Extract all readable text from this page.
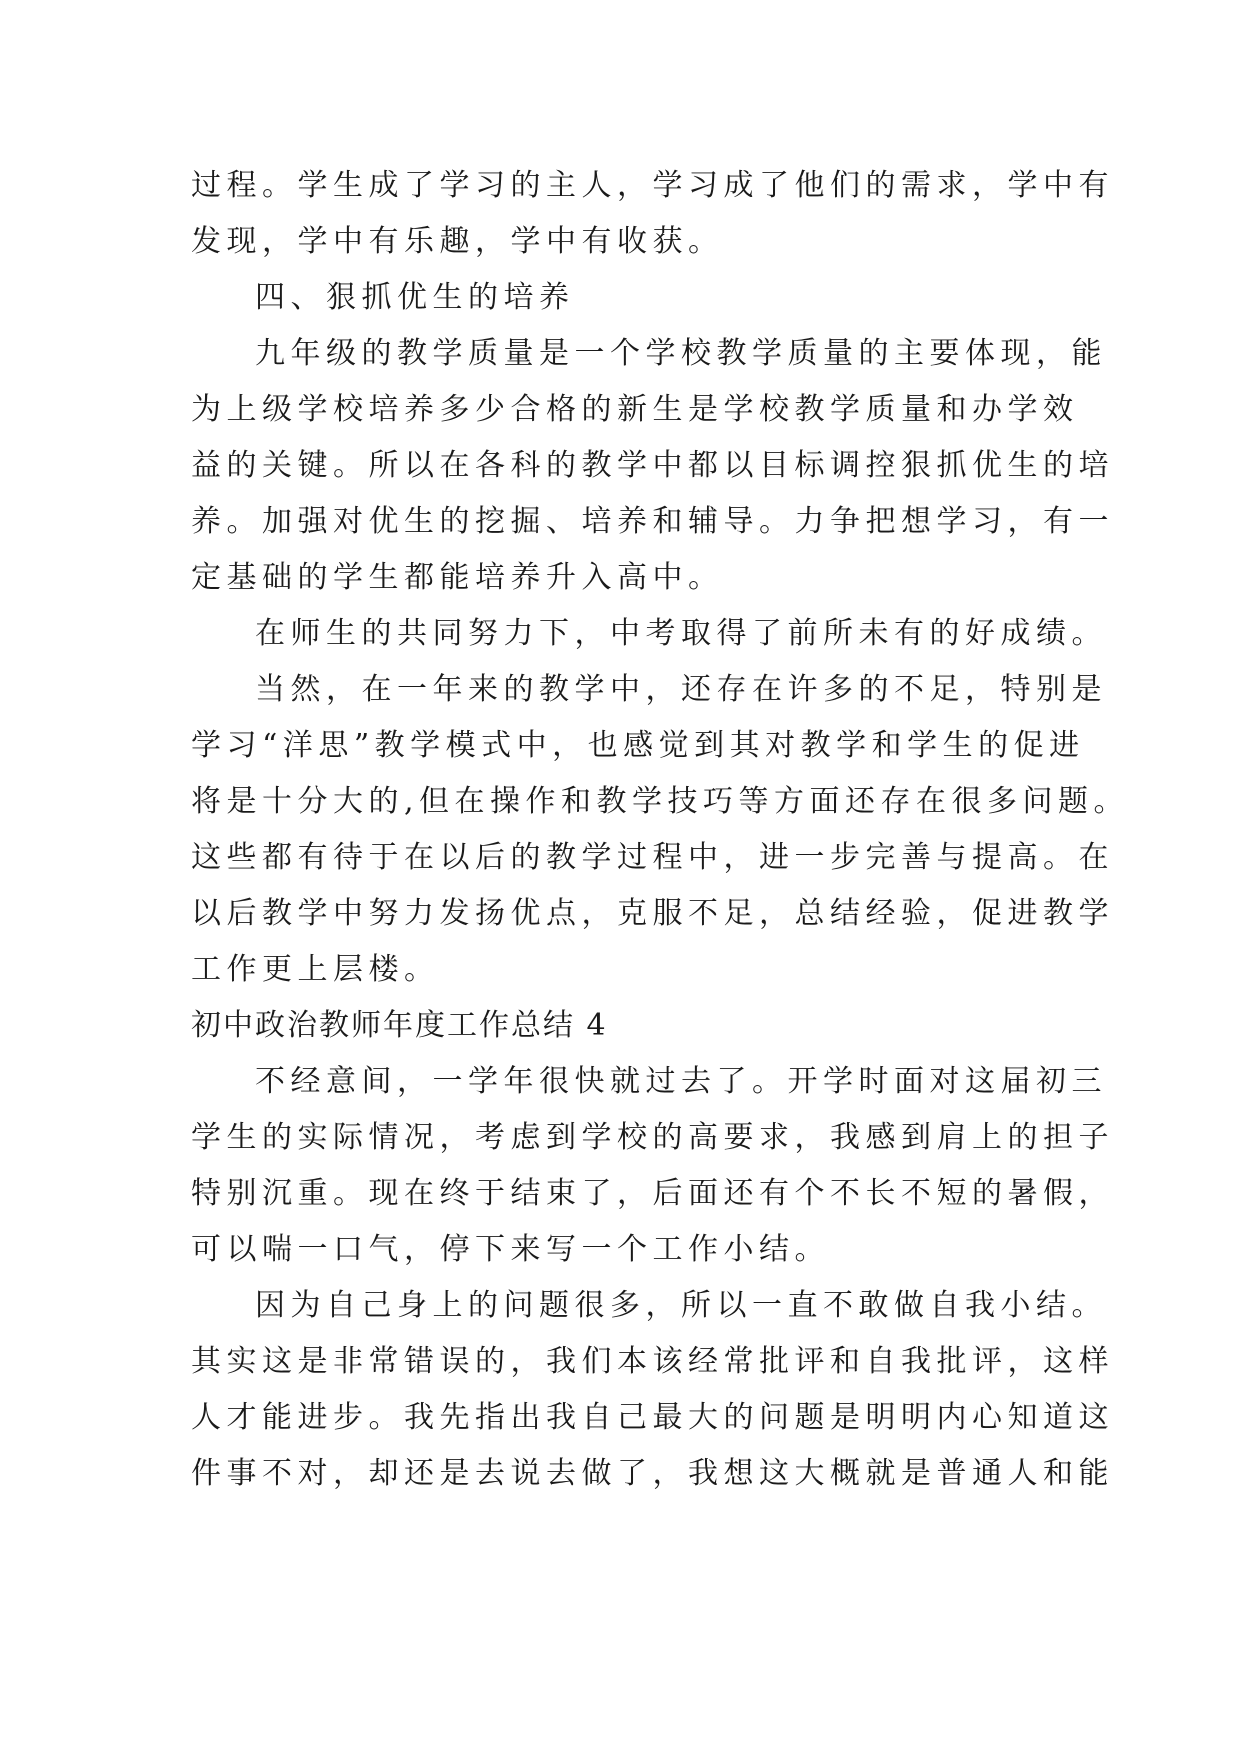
过程。学生成了学习的主人，学习成了他们的需求，学中有
发现，学中有乐趣，学中有收获。
四、狠抓优生的培养
九年级的教学质量是一个学校教学质量的主要体现，能
为上级学校培养多少合格的新生是学校教学质量和办学效
益的关键。所以在各科的教学中都以目标调控狠抓优生的培
养。加强对优生的挖掘、培养和辅导。力争把想学习，有一
定基础的学生都能培养升入高中。
在师生的共同努力下，中考取得了前所未有的好成绩。
当然，在一年来的教学中，还存在许多的不足，特别是
学习“洋思”教学模式中，也感觉到其对教学和学生的促进
将是十分大的,但在操作和教学技巧等方面还存在很多问题。
这些都有待于在以后的教学过程中，进一步完善与提高。在
以后教学中努力发扬优点，克服不足，总结经验，促进教学
工作更上层楼。
初中政治教师年度工作总结 4
不经意间，一学年很快就过去了。开学时面对这届初三
学生的实际情况，考虑到学校的高要求，我感到肩上的担子
特别沉重。现在终于结束了，后面还有个不长不短的暑假，
可以喘一口气，停下来写一个工作小结。
因为自己身上的问题很多，所以一直不敢做自我小结。
其实这是非常错误的，我们本该经常批评和自我批评，这样
人才能进步。我先指出我自己最大的问题是明明内心知道这
件事不对，却还是去说去做了，我想这大概就是普通人和能
